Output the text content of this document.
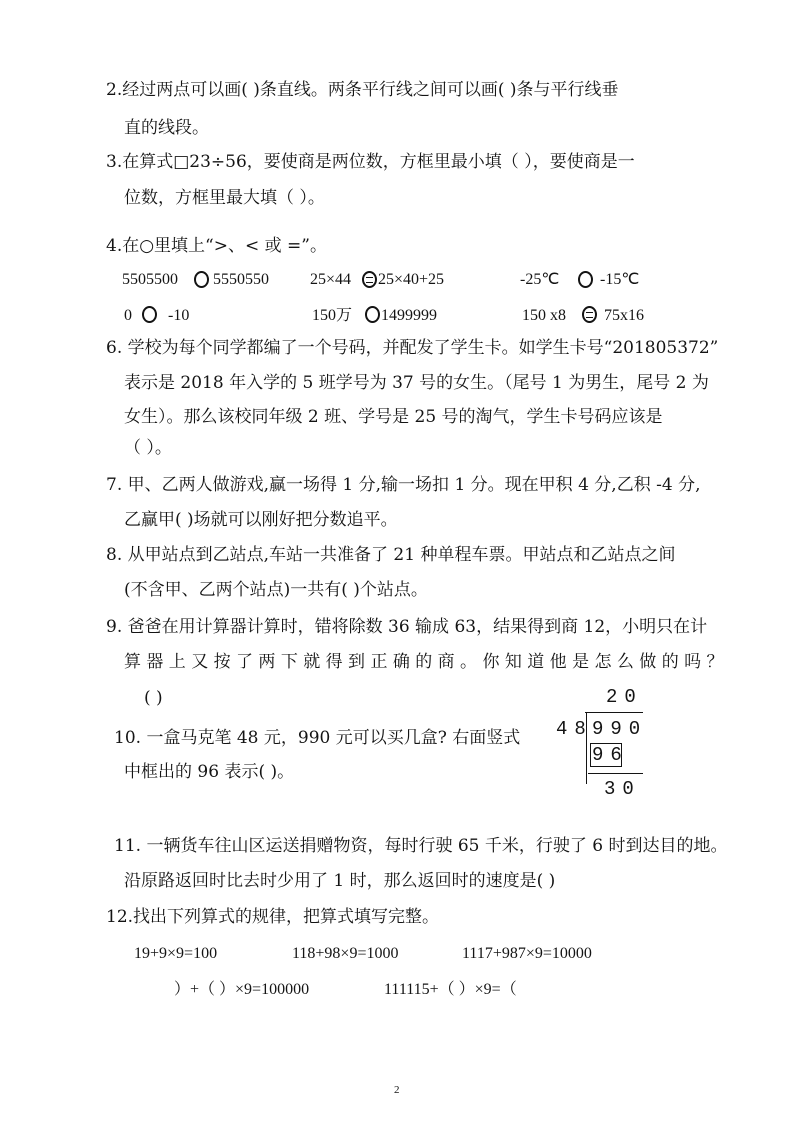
2.经过两点可以画( )条直线。两条平行线之间可以画( )条与平行线垂
直的线段。
3.在算式□23÷56，要使商是两位数，方框里最小填（ ），要使商是一
位数，方框里最大填（ ）。
4.在○里填上“>、< 或 =”。
5505500 5550550	25×44 25×40+25	-25℃	-15℃
0 -10	150万 1499999	150 x8 75x16
6. 学校为每个同学都编了一个号码，并配发了学生卡。如学生卡号“201805372”
表示是 2018 年入学的 5 班学号为 37 号的女生。（尾号 1 为男生，尾号 2 为
女生）。那么该校同年级 2 班、学号是 25 号的淘气，学生卡号码应该是
（ ）。
7. 甲、乙两人做游戏,赢一场得 1 分,输一场扣 1 分。现在甲积 4 分,乙积 -4 分,
乙赢甲( )场就可以刚好把分数追平。
8. 从甲站点到乙站点,车站一共准备了 21 种单程车票。甲站点和乙站点之间
(不含甲、乙两个站点)一共有( )个站点。
9. 爸爸在用计算器计算时，错将除数 36 输成 63，结果得到商 12，小明只在计
算 器 上 又 按 了 两 下 就 得 到 正 确 的 商 。 你 知 道 他 是 怎 么 做 的 吗 ？
( )
10. 一盒马克笔 48 元，990 元可以买几盒? 右面竖式
中框出的 96 表示( )。
20
48 990
96
30
11. 一辆货车往山区运送捐赠物资，每时行驶 65 千米，行驶了 6 时到达目的地。
沿原路返回时比去时少用了 1 时，那么返回时的速度是( )
12.找出下列算式的规律，把算式填写完整。
19+9×9=100	118+98×9=1000	1117+987×9=10000
）+（ ）×9=100000	111115+（ ）×9=（
2
